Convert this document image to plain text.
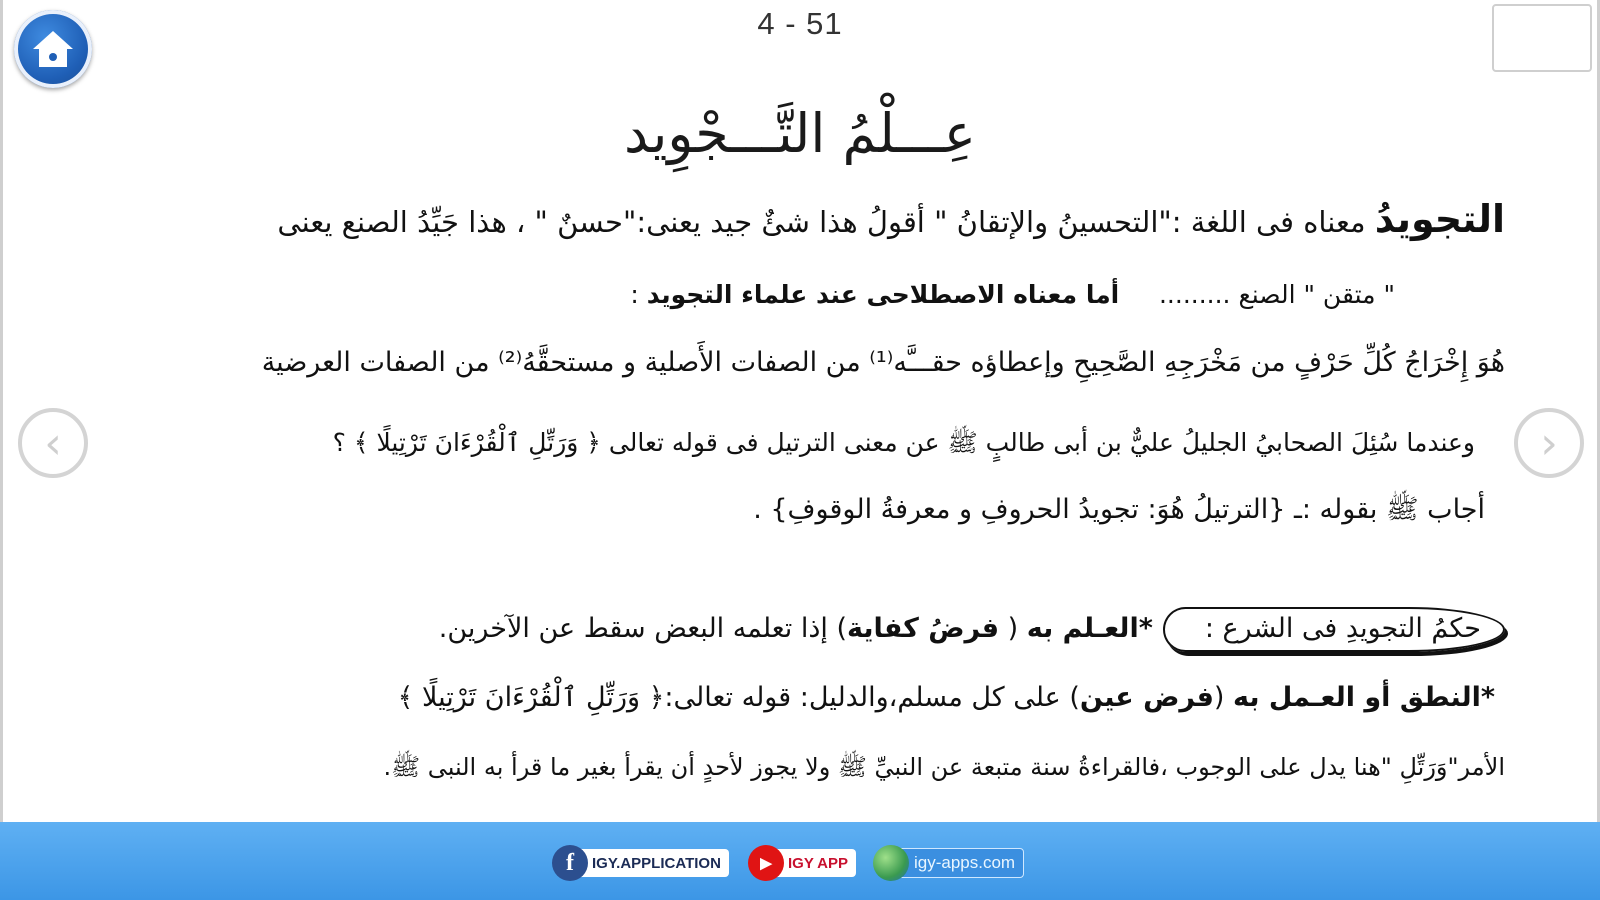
4 - 51
عِـــلْمُ التَّـــجْوِيد
التجويدُ معناه فى اللغة :"التحسينُ والإتقانُ " أقولُ هذا شئٌ جيد يعنى:"حسنٌ " ، هذا جَيِّدُ الصنع يعنى
" متقن " الصنع .........     أما معناه الاصطلاحى عند علماء التجويد :
هُوَ إِخْرَاجُ كُلِّ حَرْفٍ من مَخْرَجِهِ الصَّحِيحِ وإعطاؤه حقـــَّه⁽¹⁾ من الصفات الأَصلية و مستحقَّهُ⁽²⁾ من الصفات العرضية
وعندما سُئِلَ الصحابيُ الجليلُ عليٌّ بن أبى طالبٍ ﷺ عن معنى الترتيل فى قوله تعالى ﴿ وَرَتِّلِ ٱلْقُرْءَانَ تَرْتِيلًا ﴾ ؟
أجاب ﷺ بقوله :ـ {الترتيلُ هُوَ: تجويدُ الحروفِ و معرفةُ الوقوفِ} .
حكمُ التجويدِ فى الشرع :*العـلم به ( فرضُ كفاية) إذا تعلمه البعض سقط عن الآخرين.
*النطق أو العـمل به (فرض عين) على كل مسلم،والدليل: قوله تعالى:﴿ وَرَتِّلِ ٱلْقُرْءَانَ تَرْتِيلًا ﴾
الأمر"وَرَتِّلِ "هنا يدل على الوجوب ،فالقراءةُ سنة متبعة عن النبيِّ ﷺ ولا يجوز لأحدٍ أن يقرأ بغير ما قرأ به النبى ﷺ.
‹	›
f	IGY.APPLICATION	▶	IGY APP	igy-apps.com
